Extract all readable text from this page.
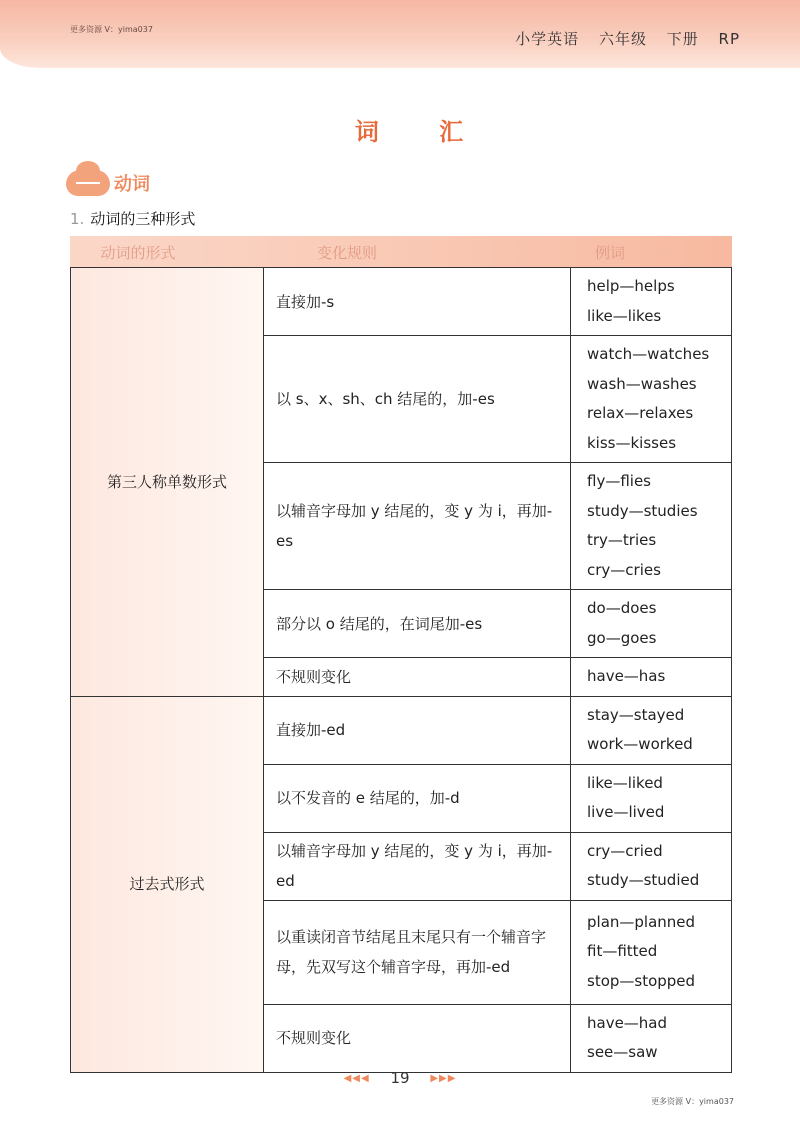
更多资源 V：yima037
小学英语 六年级 下册 RP
词 汇
动词
1. 动词的三种形式
动词的形式	变化规则	例词
第三人称单数形式	直接加-s	help—helps
like—likes

	以 s、x、sh、ch 结尾的，加-es	watch—watches
wash—washes
relax—relaxes
kiss—kisses

	以辅音字母加 y 结尾的，变 y 为 i，再加-es	fly—flies
study—studies
try—tries
cry—cries

	部分以 o 结尾的，在词尾加-es	do—does
go—goes

	不规则变化	have—has

过去式形式	直接加-ed	stay—stayed
work—worked

	以不发音的 e 结尾的，加-d	like—liked
live—lived

	以辅音字母加 y 结尾的，变 y 为 i，再加-ed	cry—cried
study—studied

	以重读闭音节结尾且末尾只有一个辅音字母，先双写这个辅音字母，再加-ed	plan—planned
fit—fitted
stop—stopped

	不规则变化	have—had
see—saw
◀◀◀ 19 ▶▶▶
更多资源 V：yima037
